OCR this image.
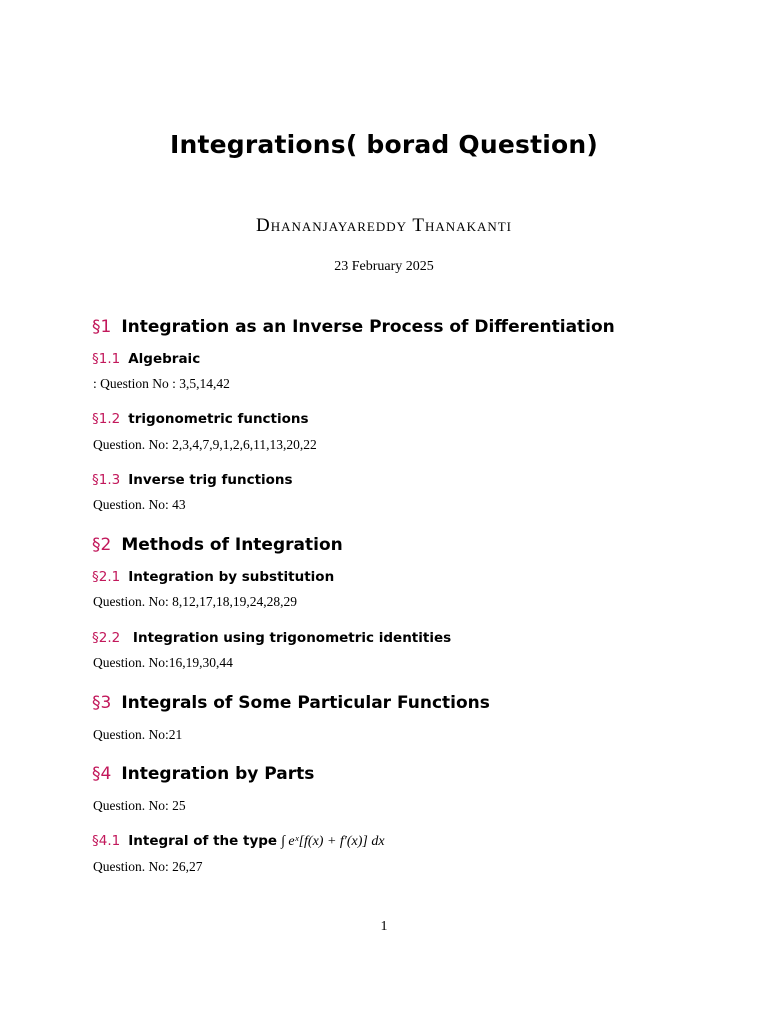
Integrations( borad Question)
Dhananjayareddy Thanakanti
23 February 2025
§1 Integration as an Inverse Process of Differentiation
§1.1 Algebraic
: Question No : 3,5,14,42
§1.2 trigonometric functions
Question. No: 2,3,4,7,9,1,2,6,11,13,20,22
§1.3 Inverse trig functions
Question. No: 43
§2 Methods of Integration
§2.1 Integration by substitution
Question. No: 8,12,17,18,19,24,28,29
§2.2 Integration using trigonometric identities
Question. No:16,19,30,44
§3 Integrals of Some Particular Functions
Question. No:21
§4 Integration by Parts
Question. No: 25
§4.1 Integral of the type ∫ eˣ[f(x) + f′(x)] dx
Question. No: 26,27
1
